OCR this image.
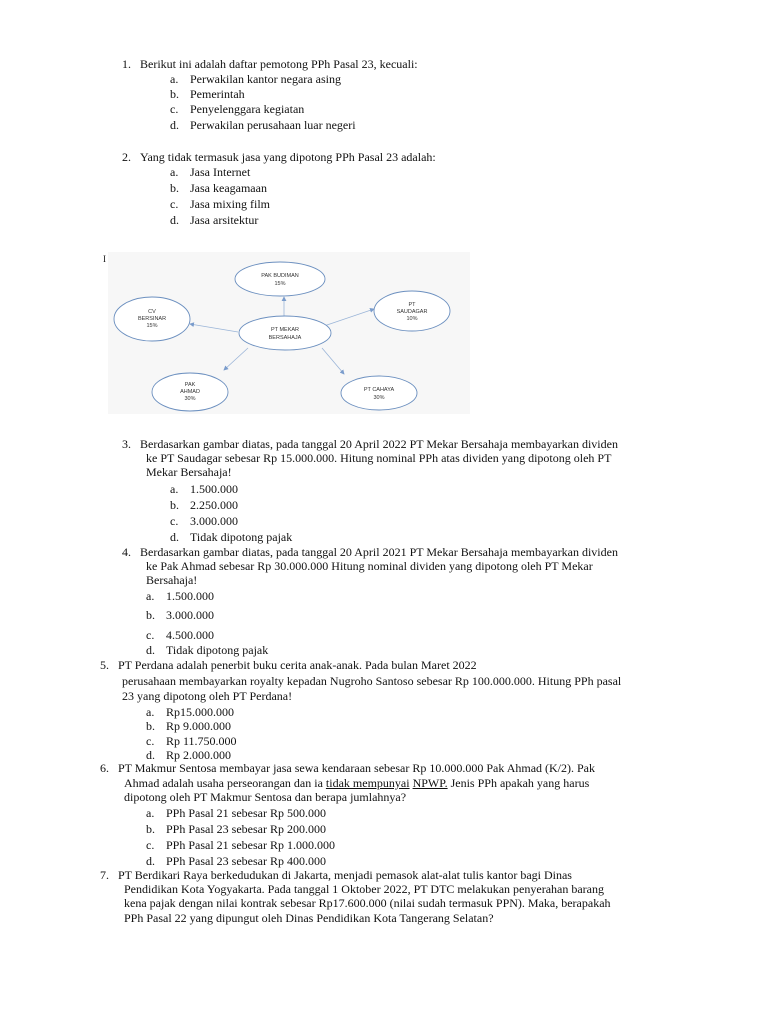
1. Berikut ini adalah daftar pemotong PPh Pasal 23, kecuali:
a. Perwakilan kantor negara asing
b. Pemerintah
c. Penyelenggara kegiatan
d. Perwakilan perusahaan luar negeri
2. Yang tidak termasuk jasa yang dipotong PPh Pasal 23 adalah:
a. Jasa Internet
b. Jasa keagamaan
c. Jasa mixing film
d. Jasa arsitektur
I
PT MEKAR
BERSAHAJA
PAK BUDIMAN
15%
PT
SAUDAGAR
10%
PT CAHAYA
30%
PAK
AHMAD
30%
CV
BERSINAR
15%
3. Berdasarkan gambar diatas, pada tanggal 20 April 2022 PT Mekar Bersahaja membayarkan dividen
ke PT Saudagar sebesar Rp 15.000.000. Hitung nominal PPh atas dividen yang dipotong oleh PT
Mekar Bersahaja!
a. 1.500.000
b. 2.250.000
c. 3.000.000
d. Tidak dipotong pajak
4. Berdasarkan gambar diatas, pada tanggal 20 April 2021 PT Mekar Bersahaja membayarkan dividen
ke Pak Ahmad sebesar Rp 30.000.000 Hitung nominal dividen yang dipotong oleh PT Mekar
Bersahaja!
a. 1.500.000
b. 3.000.000
c. 4.500.000
d. Tidak dipotong pajak
5. PT Perdana adalah penerbit buku cerita anak-anak. Pada bulan Maret 2022
perusahaan membayarkan royalty kepadan Nugroho Santoso sebesar Rp 100.000.000. Hitung PPh pasal
23 yang dipotong oleh PT Perdana!
a. Rp15.000.000
b. Rp 9.000.000
c. Rp 11.750.000
d. Rp 2.000.000
6. PT Makmur Sentosa membayar jasa sewa kendaraan sebesar Rp 10.000.000 Pak Ahmad (K/2). Pak
Ahmad adalah usaha perseorangan dan ia tidak mempunyai NPWP. Jenis PPh apakah yang harus
dipotong oleh PT Makmur Sentosa dan berapa jumlahnya?
a. PPh Pasal 21 sebesar Rp 500.000
b. PPh Pasal 23 sebesar Rp 200.000
c. PPh Pasal 21 sebesar Rp 1.000.000
d. PPh Pasal 23 sebesar Rp 400.000
7. PT Berdikari Raya berkedudukan di Jakarta, menjadi pemasok alat-alat tulis kantor bagi Dinas
Pendidikan Kota Yogyakarta. Pada tanggal 1 Oktober 2022, PT DTC melakukan penyerahan barang
kena pajak dengan nilai kontrak sebesar Rp17.600.000 (nilai sudah termasuk PPN). Maka, berapakah
PPh Pasal 22 yang dipungut oleh Dinas Pendidikan Kota Tangerang Selatan?
